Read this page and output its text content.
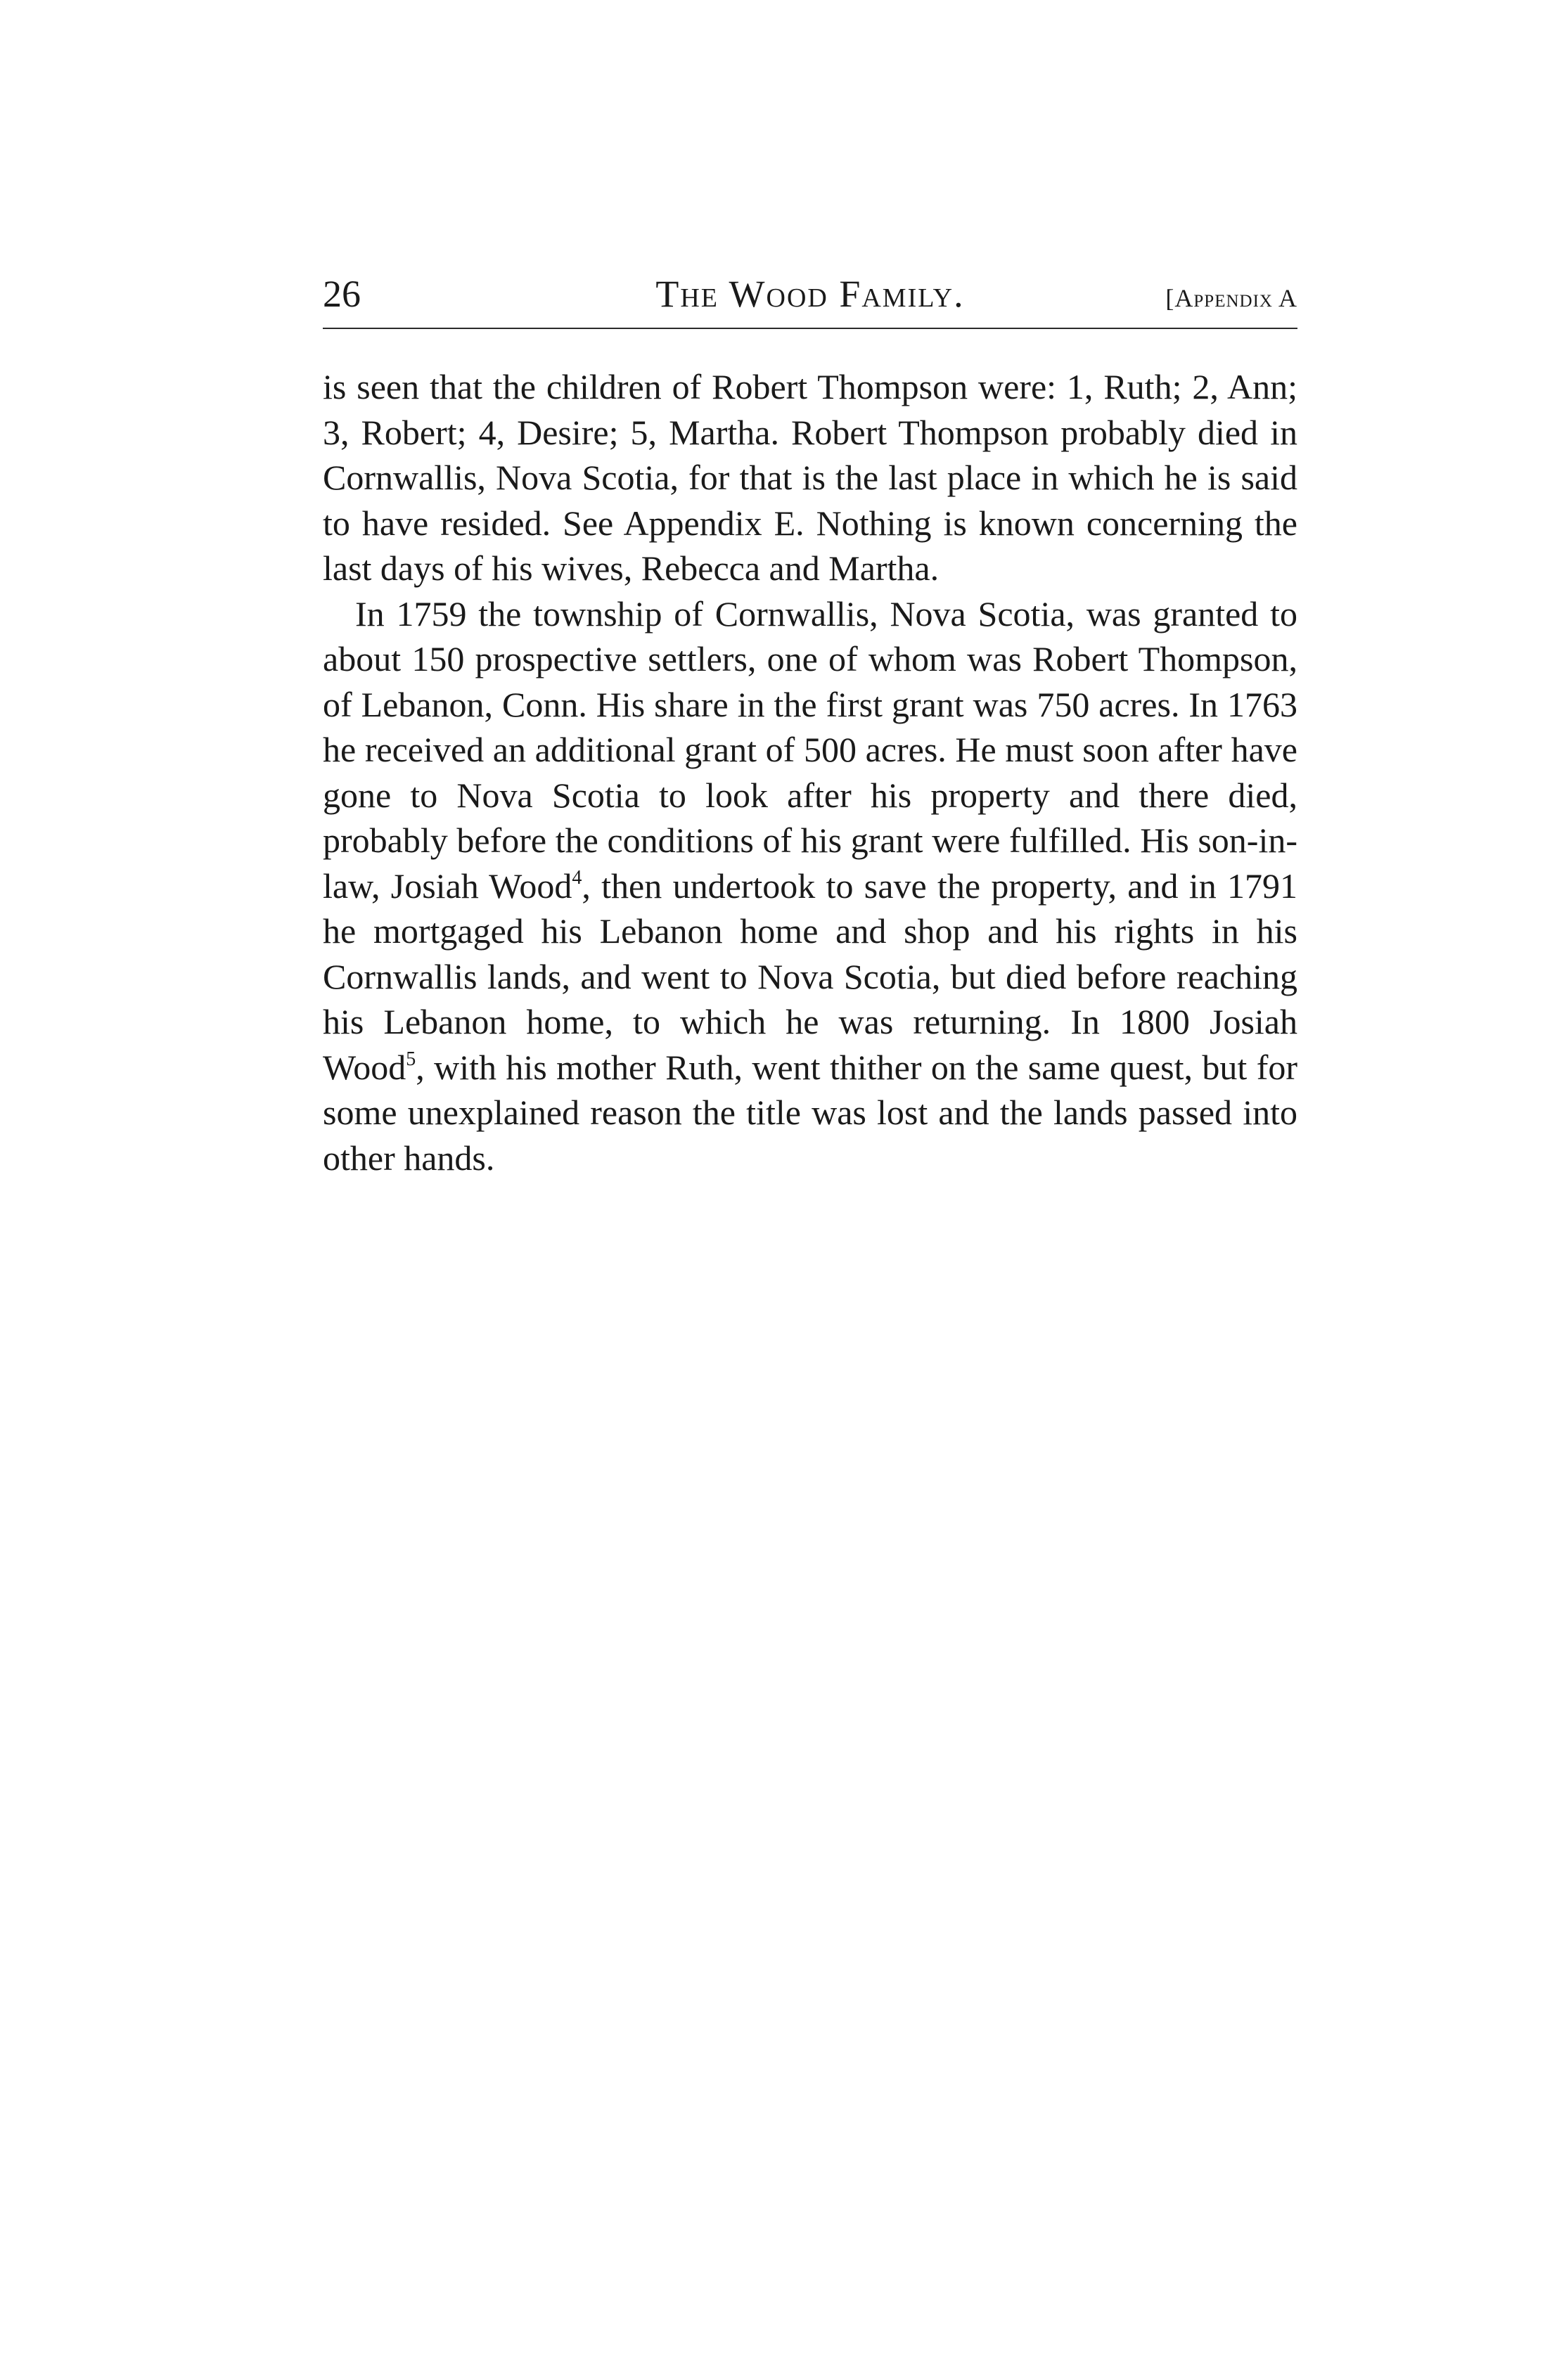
26	The Wood Family.	[Appendix A

is seen that the children of Robert Thompson were: 1, Ruth; 2, Ann; 3, Robert; 4, Desire; 5, Martha. Robert Thompson probably died in Cornwallis, Nova Scotia, for that is the last place in which he is said to have resided. See Appendix E. Nothing is known concerning the last days of his wives, Rebecca and Martha.

In 1759 the township of Cornwallis, Nova Scotia, was granted to about 150 prospective settlers, one of whom was Robert Thompson, of Lebanon, Conn. His share in the first grant was 750 acres. In 1763 he received an additional grant of 500 acres. He must soon after have gone to Nova Scotia to look after his property and there died, probably before the conditions of his grant were fulfilled. His son-in-law, Josiah Wood$^4$, then undertook to save the property, and in 1791 he mortgaged his Lebanon home and shop and his rights in his Cornwallis lands, and went to Nova Scotia, but died before reaching his Lebanon home, to which he was returning. In 1800 Josiah Wood$^5$, with his mother Ruth, went thither on the same quest, but for some unexplained reason the title was lost and the lands passed into other hands.
